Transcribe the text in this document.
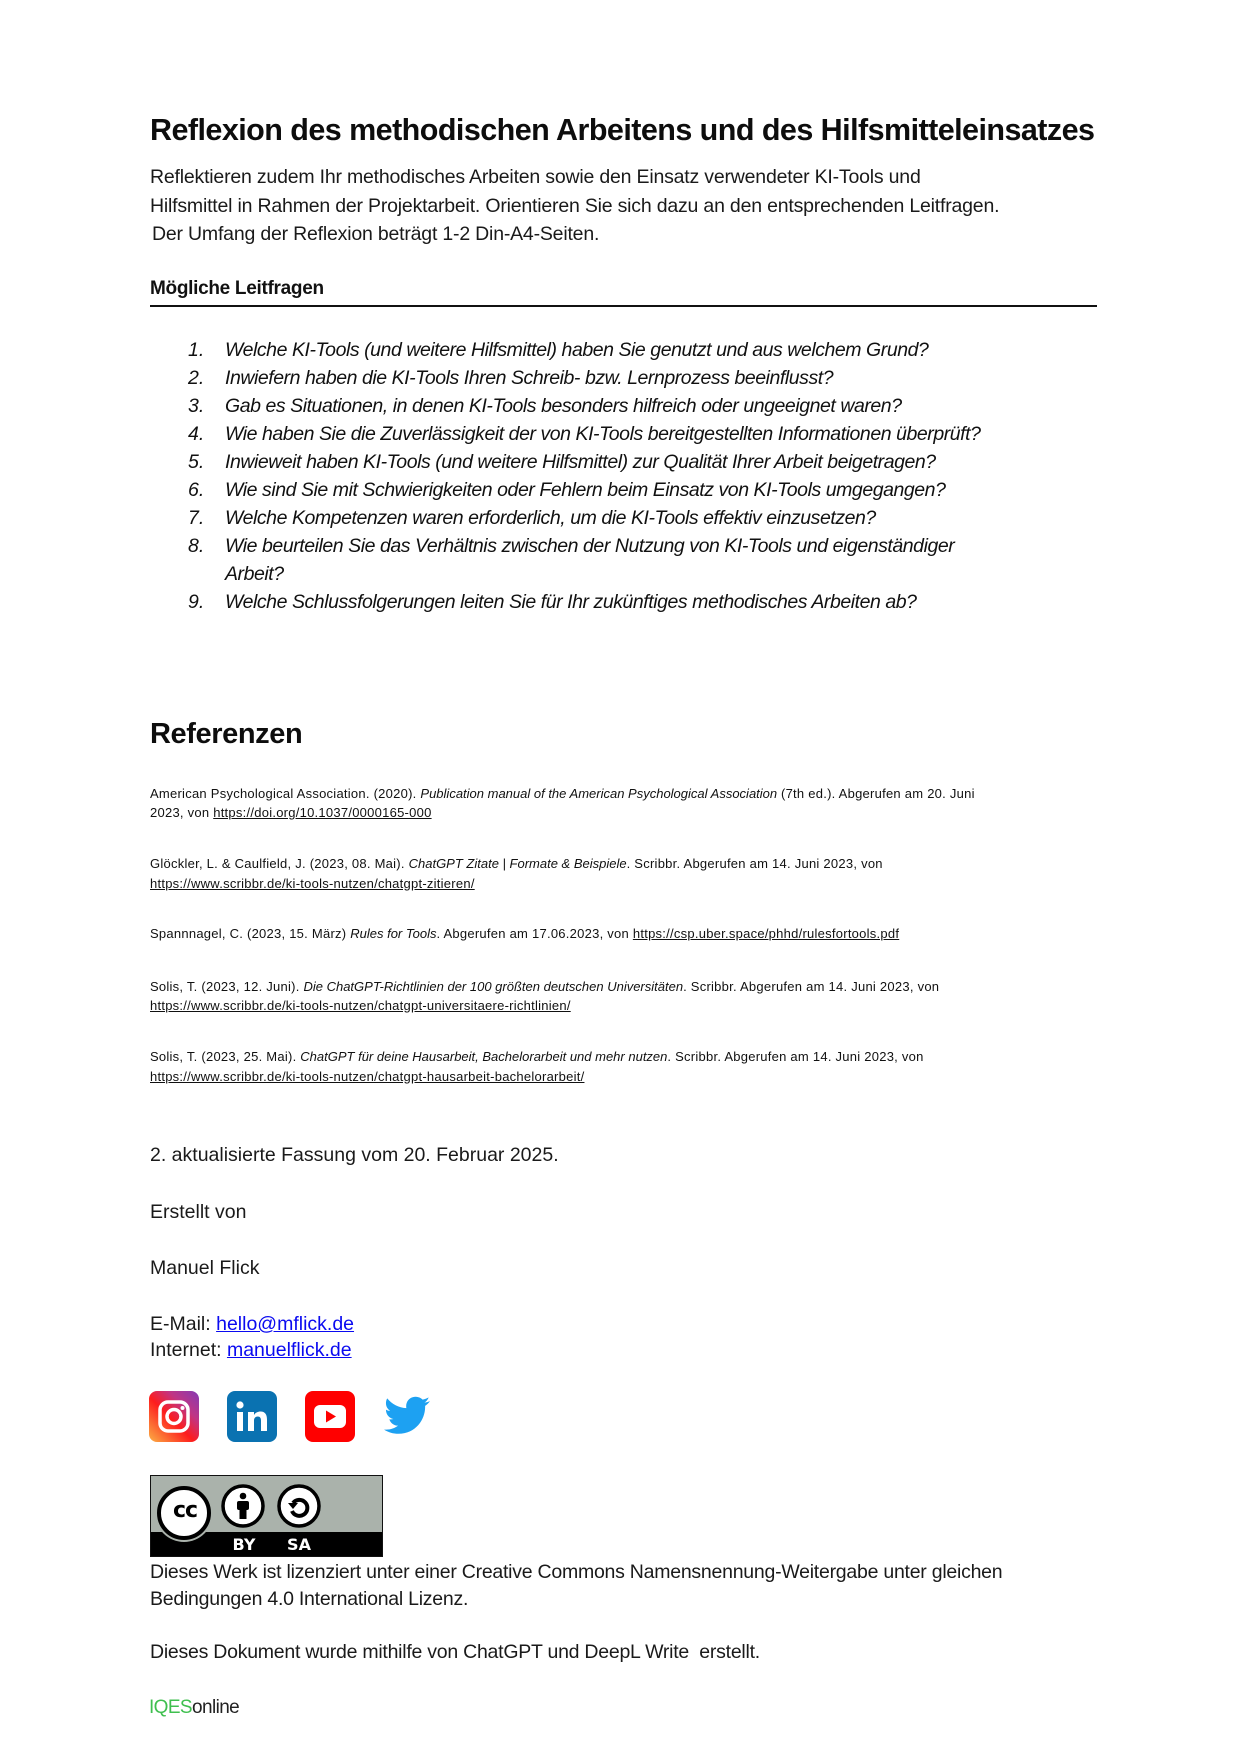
Reflexion des methodischen Arbeitens und des Hilfsmitteleinsatzes
Reflektieren zudem Ihr methodisches Arbeiten sowie den Einsatz verwendeter KI-Tools und
Hilfsmittel in Rahmen der Projektarbeit. Orientieren Sie sich dazu an den entsprechenden Leitfragen.
Der Umfang der Reflexion beträgt 1-2 Din-A4-Seiten.
Mögliche Leitfragen
1. Welche KI-Tools (und weitere Hilfsmittel) haben Sie genutzt und aus welchem Grund?
2. Inwiefern haben die KI-Tools Ihren Schreib- bzw. Lernprozess beeinflusst?
3. Gab es Situationen, in denen KI-Tools besonders hilfreich oder ungeeignet waren?
4. Wie haben Sie die Zuverlässigkeit der von KI-Tools bereitgestellten Informationen überprüft?
5. Inwieweit haben KI-Tools (und weitere Hilfsmittel) zur Qualität Ihrer Arbeit beigetragen?
6. Wie sind Sie mit Schwierigkeiten oder Fehlern beim Einsatz von KI-Tools umgegangen?
7. Welche Kompetenzen waren erforderlich, um die KI-Tools effektiv einzusetzen?
8. Wie beurteilen Sie das Verhältnis zwischen der Nutzung von KI-Tools und eigenständiger
Arbeit?
9. Welche Schlussfolgerungen leiten Sie für Ihr zukünftiges methodisches Arbeiten ab?
Referenzen
American Psychological Association. (2020). Publication manual of the American Psychological Association (7th ed.). Abgerufen am 20. Juni
2023, von https://doi.org/10.1037/0000165-000
Glöckler, L. & Caulfield, J. (2023, 08. Mai). ChatGPT Zitate | Formate & Beispiele. Scribbr. Abgerufen am 14. Juni 2023, von
https://www.scribbr.de/ki-tools-nutzen/chatgpt-zitieren/
Spannnagel, C. (2023, 15. März) Rules for Tools. Abgerufen am 17.06.2023, von https://csp.uber.space/phhd/rulesfortools.pdf
Solis, T. (2023, 12. Juni). Die ChatGPT-Richtlinien der 100 größten deutschen Universitäten. Scribbr. Abgerufen am 14. Juni 2023, von
https://www.scribbr.de/ki-tools-nutzen/chatgpt-universitaere-richtlinien/
Solis, T. (2023, 25. Mai). ChatGPT für deine Hausarbeit, Bachelorarbeit und mehr nutzen. Scribbr. Abgerufen am 14. Juni 2023, von
https://www.scribbr.de/ki-tools-nutzen/chatgpt-hausarbeit-bachelorarbeit/
2. aktualisierte Fassung vom 20. Februar 2025.
Erstellt von
Manuel Flick
E-Mail: hello@mflick.de
Internet: manuelflick.de
cc
BY SA
Dieses Werk ist lizenziert unter einer Creative Commons Namensnennung-Weitergabe unter gleichen
Bedingungen 4.0 International Lizenz.
Dieses Dokument wurde mithilfe von ChatGPT und DeepL Write  erstellt.
IQESonline
